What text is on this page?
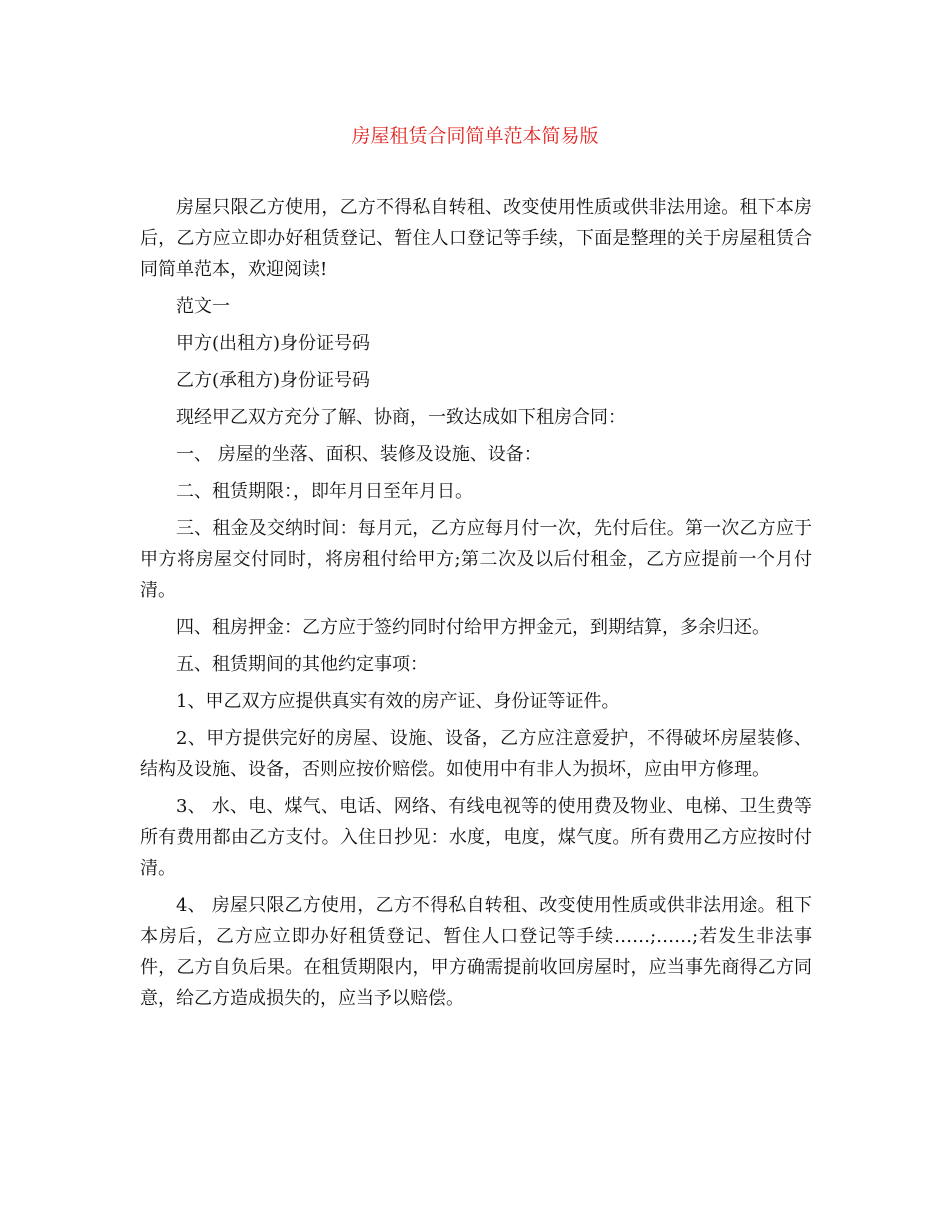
房屋租赁合同简单范本简易版

房屋只限乙方使用，乙方不得私自转租、改变使用性质或供非法用途。租下本房后，乙方应立即办好租赁登记、暂住人口登记等手续，下面是整理的关于房屋租赁合同简单范本，欢迎阅读!

范文一

甲方(出租方)身份证号码

乙方(承租方)身份证号码

现经甲乙双方充分了解、协商，一致达成如下租房合同：

一、 房屋的坐落、面积、装修及设施、设备：

二、租赁期限：，即年月日至年月日。

三、租金及交纳时间：每月元，乙方应每月付一次，先付后住。第一次乙方应于甲方将房屋交付同时，将房租付给甲方;第二次及以后付租金，乙方应提前一个月付清。

四、租房押金：乙方应于签约同时付给甲方押金元，到期结算，多余归还。

五、租赁期间的其他约定事项：

1、甲乙双方应提供真实有效的房产证、身份证等证件。

2、甲方提供完好的房屋、设施、设备，乙方应注意爱护，不得破坏房屋装修、结构及设施、设备，否则应按价赔偿。如使用中有非人为损坏，应由甲方修理。

3、 水、电、煤气、电话、网络、有线电视等的使用费及物业、电梯、卫生费等所有费用都由乙方支付。入住日抄见：水度，电度，煤气度。所有费用乙方应按时付清。

4、 房屋只限乙方使用，乙方不得私自转租、改变使用性质或供非法用途。租下本房后，乙方应立即办好租赁登记、暂住人口登记等手续……;……;若发生非法事件，乙方自负后果。在租赁期限内，甲方确需提前收回房屋时，应当事先商得乙方同意，给乙方造成损失的，应当予以赔偿。
